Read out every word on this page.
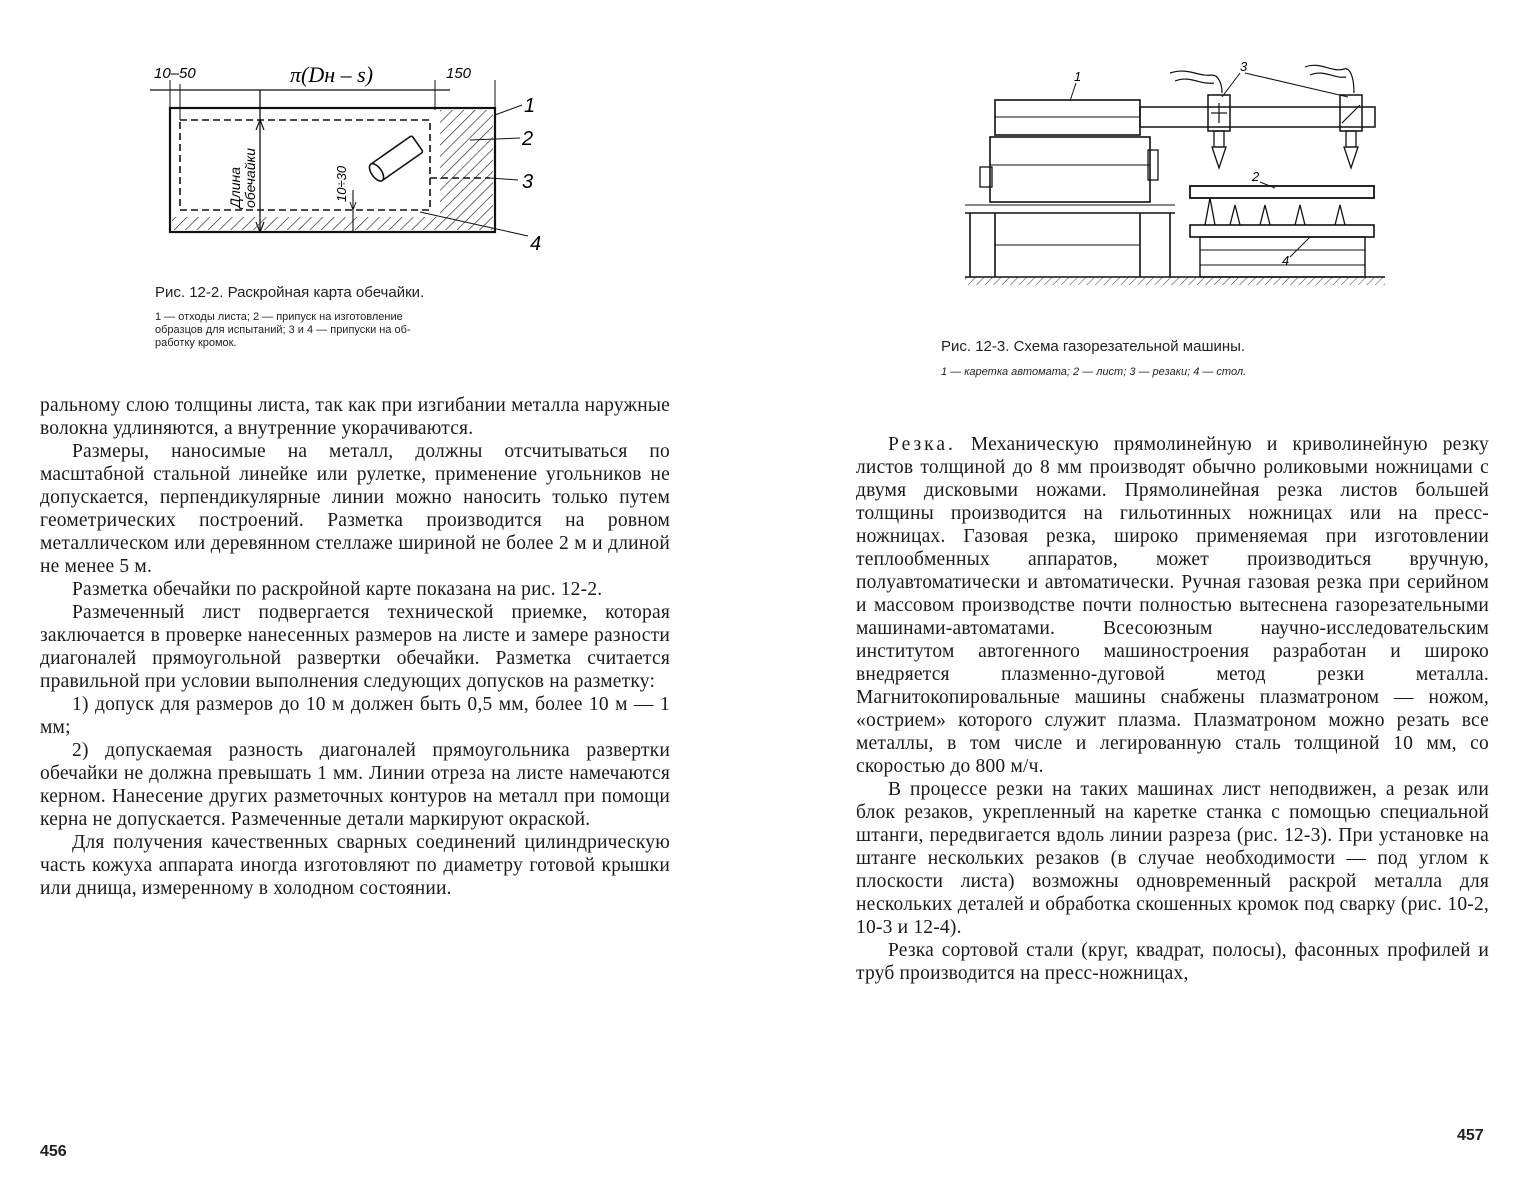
10–50	π(Dн – s)	150
Длина обечайки	10÷30
1
2
3
4
Рис. 12-2. Раскройная карта обечайки.
1 — отходы листа; 2 — припуск на изготовление
образцов для испытаний; 3 и 4 — припуски на об-
работку кромок.

ральному слою толщины листа, так как при изгибании металла наружные волокна удлиняются, а внутренние укорачиваются.

Размеры, наносимые на металл, должны отсчитываться по масштабной стальной линейке или рулетке, применение угольников не допускается, перпендикулярные линии можно наносить только путем геометрических построений. Разметка производится на ровном металлическом или деревянном стеллаже шириной не более 2 м и длиной не менее 5 м.

Разметка обечайки по раскройной карте показана на рис. 12-2.

Размеченный лист подвергается технической приемке, которая заключается в проверке нанесенных размеров на листе и замере разности диагоналей прямоугольной развертки обечайки. Разметка считается правильной при условии выполнения следующих допусков на разметку:

1) допуск для размеров до 10 м должен быть 0,5 мм, более 10 м — 1 мм;

2) допускаемая разность диагоналей прямоугольника развертки обечайки не должна превышать 1 мм. Линии отреза на листе намечаются керном. Нанесение других разметочных контуров на металл при помощи керна не допускается. Размеченные детали маркируют окраской.

Для получения качественных сварных соединений цилиндрическую часть кожуха аппарата иногда изготовляют по диаметру готовой крышки или днища, измеренному в холодном состоянии.

456
1
3
2
4
Рис. 12-3. Схема газорезательной машины.
1 — каретка автомата; 2 — лист; 3 — резаки; 4 — стол.

Резка. Механическую прямолинейную и криволинейную резку листов толщиной до 8 мм производят обычно роликовыми ножницами с двумя дисковыми ножами. Прямолинейная резка листов большей толщины производится на гильотинных ножницах или на пресс-ножницах. Газовая резка, широко применяемая при изготовлении теплообменных аппаратов, может производиться вручную, полуавтоматически и автоматически. Ручная газовая резка при серийном и массовом производстве почти полностью вытеснена газорезательными машинами-автоматами. Всесоюзным научно-исследовательским институтом автогенного машиностроения разработан и широко внедряется плазменно-дуговой метод резки металла. Магнитокопировальные машины снабжены плазматроном — ножом, «острием» которого служит плазма. Плазматроном можно резать все металлы, в том числе и легированную сталь толщиной 10 мм, со скоростью до 800 м/ч.

В процессе резки на таких машинах лист неподвижен, а резак или блок резаков, укрепленный на каретке станка с помощью специальной штанги, передвигается вдоль линии разреза (рис. 12-3). При установке на штанге нескольких резаков (в случае необходимости — под углом к плоскости листа) возможны одновременный раскрой металла для нескольких деталей и обработка скошенных кромок под сварку (рис. 10-2, 10-3 и 12-4).

Резка сортовой стали (круг, квадрат, полосы), фасонных профилей и труб производится на пресс-ножницах,

457
